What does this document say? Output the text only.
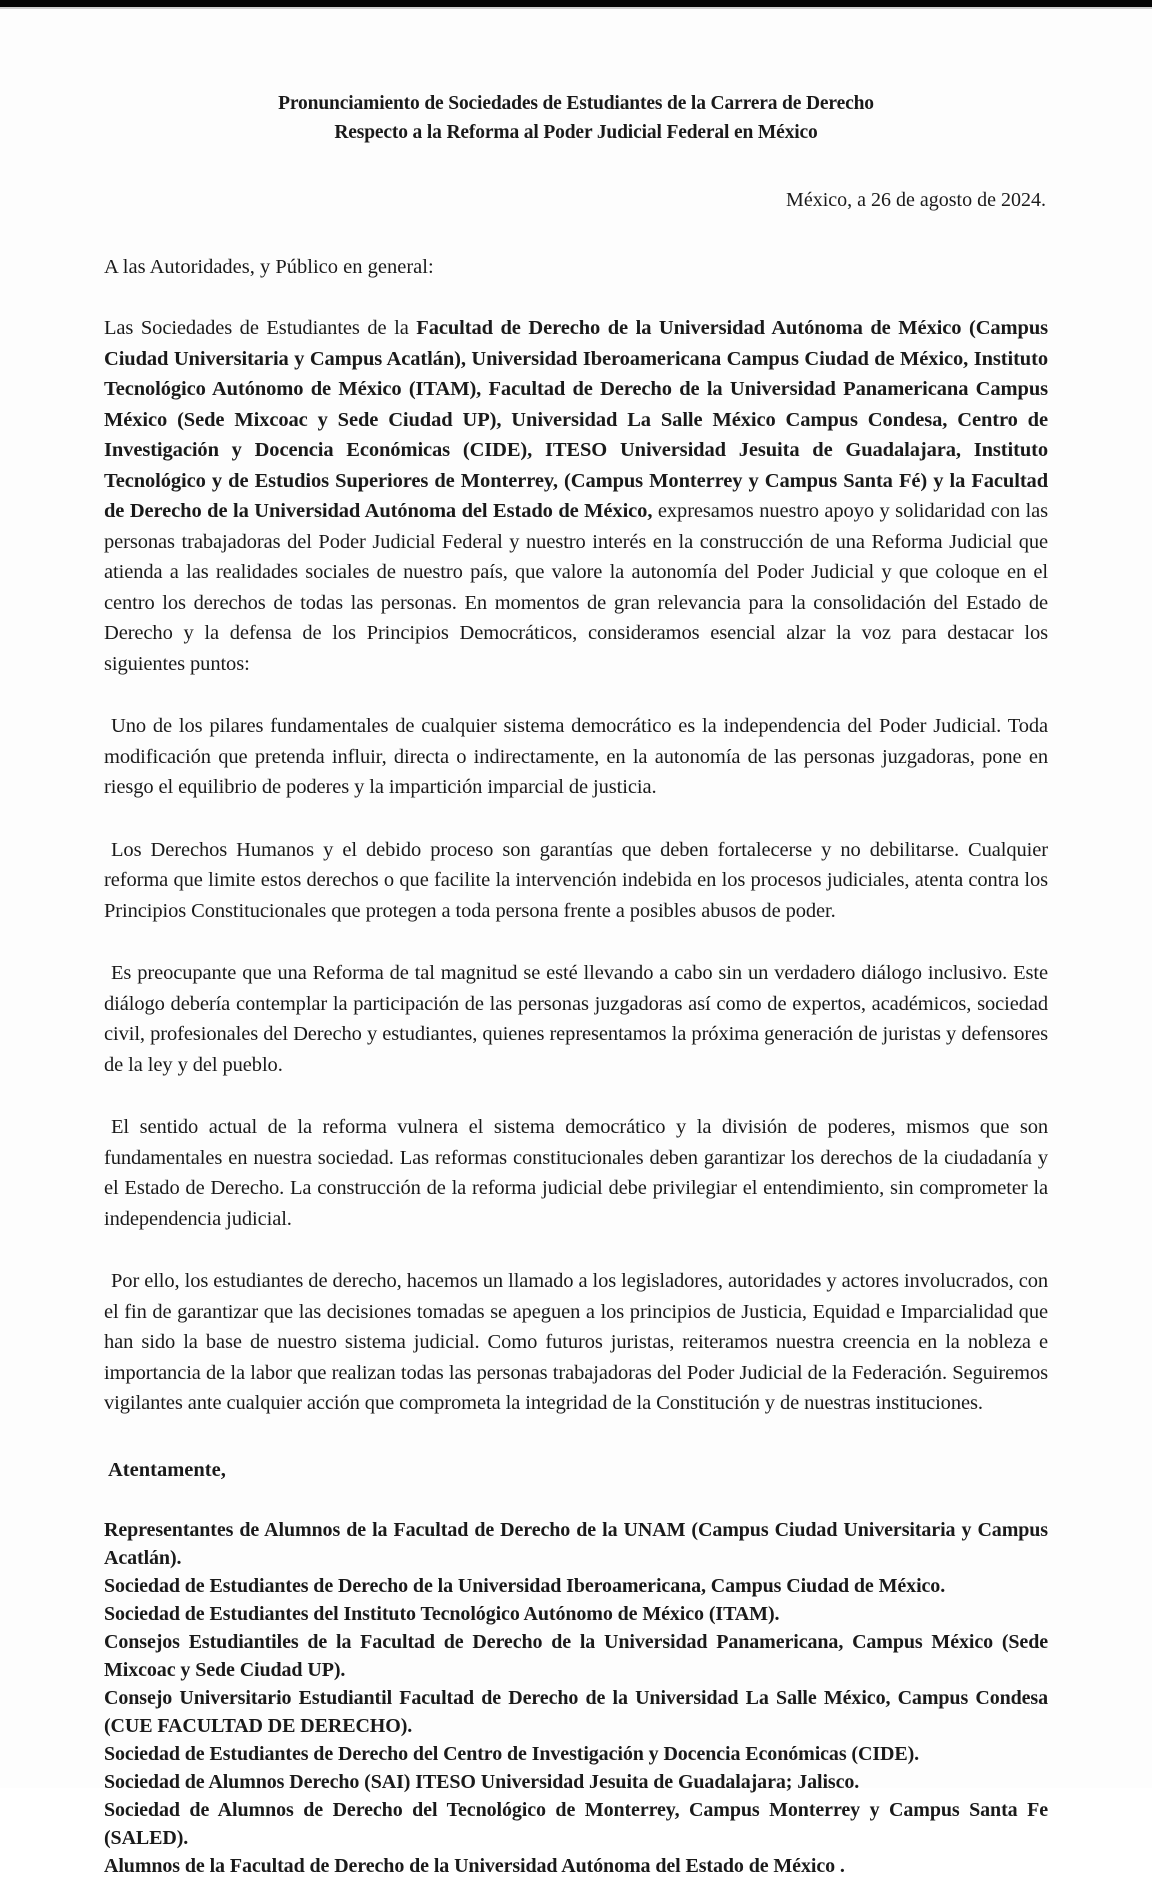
Pronunciamiento de Sociedades de Estudiantes de la Carrera de Derecho

Respecto a la Reforma al Poder Judicial Federal en México
México, a 26 de agosto de 2024.
A las Autoridades, y Público en general:

Las Sociedades de Estudiantes de la Facultad de Derecho de la Universidad Autónoma de México (Campus Ciudad Universitaria y Campus Acatlán), Universidad Iberoamericana Campus Ciudad de México, Instituto Tecnológico Autónomo de México (ITAM), Facultad de Derecho de la Universidad Panamericana Campus México (Sede Mixcoac y Sede Ciudad UP), Universidad La Salle México Campus Condesa, Centro de Investigación y Docencia Económicas (CIDE), ITESO Universidad Jesuita de Guadalajara, Instituto Tecnológico y de Estudios Superiores de Monterrey, (Campus Monterrey y Campus Santa Fé) y la Facultad de Derecho de la Universidad Autónoma del Estado de México, expresamos nuestro apoyo y solidaridad con las personas trabajadoras del Poder Judicial Federal y nuestro interés en la construcción de una Reforma Judicial que atienda a las realidades sociales de nuestro país, que valore la autonomía del Poder Judicial y que coloque en el centro los derechos de todas las personas. En momentos de gran relevancia para la consolidación del Estado de Derecho y la defensa de los Principios Democráticos, consideramos esencial alzar la voz para destacar los siguientes puntos:

Uno de los pilares fundamentales de cualquier sistema democrático es la independencia del Poder Judicial. Toda modificación que pretenda influir, directa o indirectamente, en la autonomía de las personas juzgadoras, pone en riesgo el equilibrio de poderes y la impartición imparcial de justicia.

Los Derechos Humanos y el debido proceso son garantías que deben fortalecerse y no debilitarse. Cualquier reforma que limite estos derechos o que facilite la intervención indebida en los procesos judiciales, atenta contra los Principios Constitucionales que protegen a toda persona frente a posibles abusos de poder.

Es preocupante que una Reforma de tal magnitud se esté llevando a cabo sin un verdadero diálogo inclusivo. Este diálogo debería contemplar la participación de las personas juzgadoras así como de expertos, académicos, sociedad civil, profesionales del Derecho y estudiantes, quienes representamos la próxima generación de juristas y defensores de la ley y del pueblo.

El sentido actual de la reforma vulnera el sistema democrático y la división de poderes, mismos que son fundamentales en nuestra sociedad. Las reformas constitucionales deben garantizar los derechos de la ciudadanía y el Estado de Derecho. La construcción de la reforma judicial debe privilegiar el entendimiento, sin comprometer la independencia judicial.

Por ello, los estudiantes de derecho, hacemos un llamado a los legisladores, autoridades y actores involucrados, con el fin de garantizar que las decisiones tomadas se apeguen a los principios de Justicia, Equidad e Imparcialidad que han sido la base de nuestro sistema judicial. Como futuros juristas, reiteramos nuestra creencia en la nobleza e importancia de la labor que realizan todas las personas trabajadoras del Poder Judicial de la Federación. Seguiremos vigilantes ante cualquier acción que comprometa la integridad de la Constitución y de nuestras instituciones.

Atentamente,

Representantes de Alumnos de la Facultad de Derecho de la UNAM (Campus Ciudad Universitaria y Campus Acatlán).

Sociedad de Estudiantes de Derecho de la Universidad Iberoamericana, Campus Ciudad de México.

Sociedad de Estudiantes del Instituto Tecnológico Autónomo de México (ITAM).

Consejos Estudiantiles de la Facultad de Derecho de la Universidad Panamericana, Campus México (Sede Mixcoac y Sede Ciudad UP).

Consejo Universitario Estudiantil Facultad de Derecho de la Universidad La Salle México, Campus Condesa (CUE FACULTAD DE DERECHO).

Sociedad de Estudiantes de Derecho del Centro de Investigación y Docencia Económicas (CIDE).

Sociedad de Alumnos Derecho (SAI) ITESO Universidad Jesuita de Guadalajara; Jalisco.

Sociedad de Alumnos de Derecho del Tecnológico de Monterrey, Campus Monterrey y Campus Santa Fe (SALED).

Alumnos de la Facultad de Derecho de la Universidad Autónoma del Estado de México .
